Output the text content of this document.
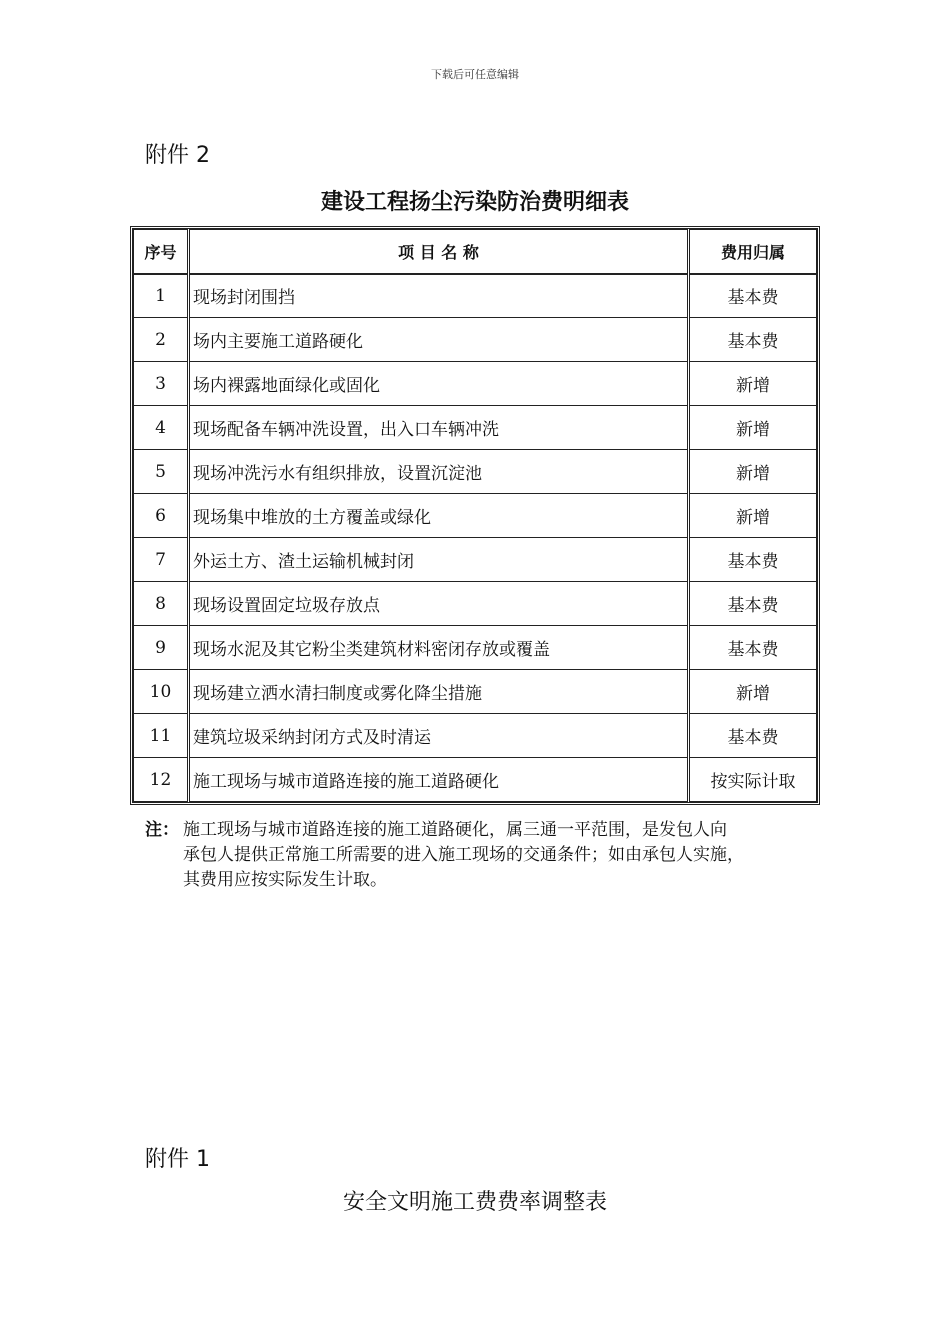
下载后可任意编辑
附件 2
建设工程扬尘污染防治费明细表
序号	项 目 名 称	费用归属
1	现场封闭围挡	基本费
2	场内主要施工道路硬化	基本费
3	场内裸露地面绿化或固化	新增
4	现场配备车辆冲洗设置，出入口车辆冲洗	新增
5	现场冲洗污水有组织排放，设置沉淀池	新增
6	现场集中堆放的土方覆盖或绿化	新增
7	外运土方、渣土运输机械封闭	基本费
8	现场设置固定垃圾存放点	基本费
9	现场水泥及其它粉尘类建筑材料密闭存放或覆盖	基本费
10	现场建立洒水清扫制度或雾化降尘措施	新增
11	建筑垃圾采纳封闭方式及时清运	基本费
12	施工现场与城市道路连接的施工道路硬化	按实际计取
注： 施工现场与城市道路连接的施工道路硬化，属三通一平范围，是发包人向
承包人提供正常施工所需要的进入施工现场的交通条件；如由承包人实施，
其费用应按实际发生计取。
附件 1
安全文明施工费费率调整表
